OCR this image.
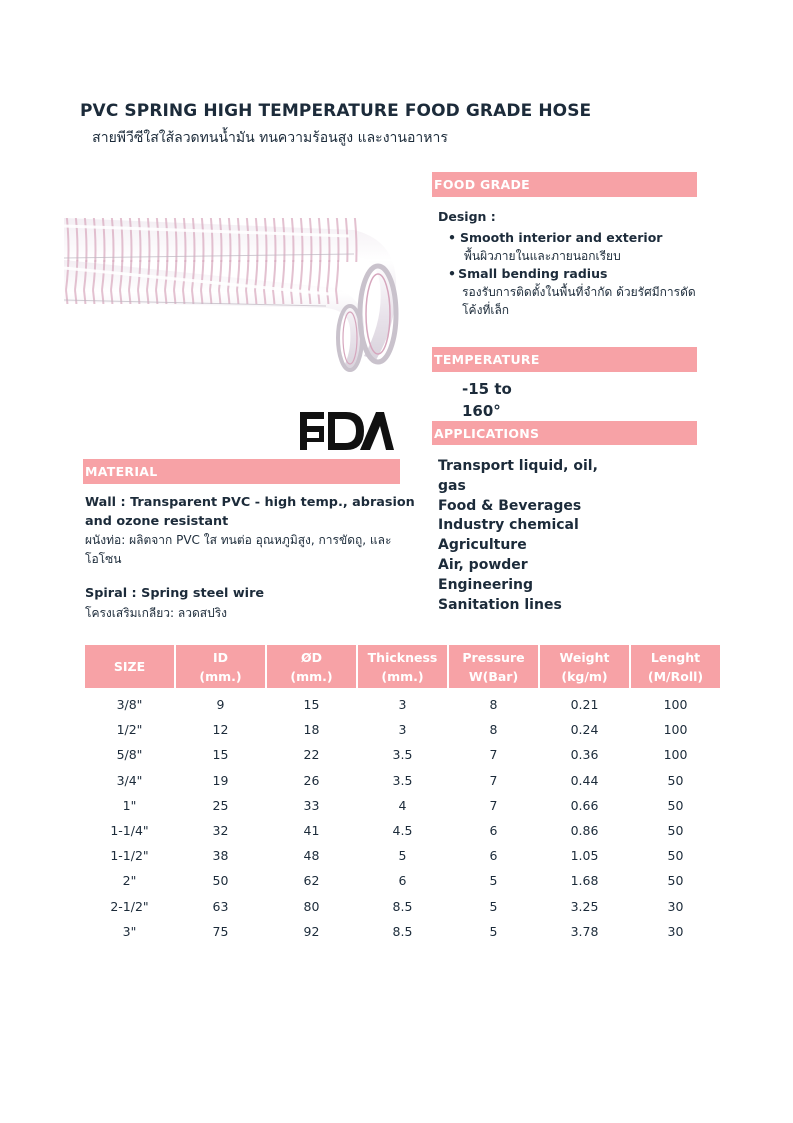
PVC SPRING HIGH TEMPERATURE FOOD GRADE HOSE
สายพีวีซีใสใส้ลวดทนน้ำมัน ทนความร้อนสูง และงานอาหาร
FOOD GRADE
Design :
• Smooth interior and exterior
พื้นผิวภายในและภายนอกเรียบ
• Small bending radius
รองรับการติดตั้งในพื้นที่จำกัด ด้วยรัศมีการดัดโค้งที่เล็ก
TEMPERATURE
-15 to 160°
APPLICATIONS
Transport liquid, oil, gas
Food & Beverages
Industry chemical
Agriculture
Air, powder
Engineering
Sanitation lines
MATERIAL
Wall : Transparent PVC - high temp., abrasion and ozone resistant
ผนังท่อ: ผลิตจาก PVC ใส ทนต่อ อุณหภูมิสูง, การขัดถู, และ โอโซน
Spiral : Spring steel wire
โครงเสริมเกลียว: ลวดสปริง
SIZE	ID
(mm.)	ØD
(mm.)	Thickness
(mm.)	Pressure
W(Bar)	Weight
(kg/m)	Lenght
(M/Roll)
3/8"	9	15	3	8	0.21	100
1/2"	12	18	3	8	0.24	100
5/8"	15	22	3.5	7	0.36	100
3/4"	19	26	3.5	7	0.44	50
1"	25	33	4	7	0.66	50
1-1/4"	32	41	4.5	6	0.86	50
1-1/2"	38	48	5	6	1.05	50
2"	50	62	6	5	1.68	50
2-1/2"	63	80	8.5	5	3.25	30
3"	75	92	8.5	5	3.78	30
